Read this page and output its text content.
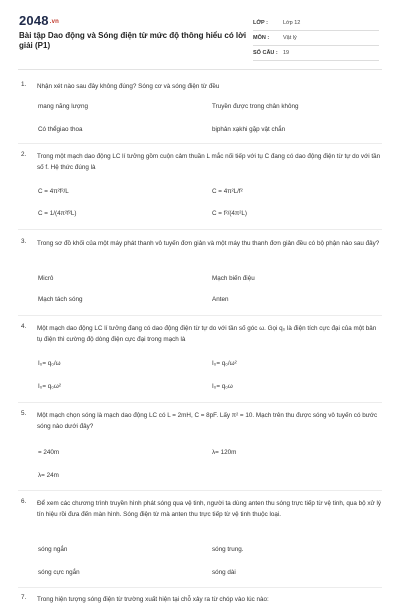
2048.vn
Bài tập Dao động và Sóng điện từ mức độ thông hiểu có lời giải (P1)
LỚP :	Lớp 12
MÔN :	Vật lý
SỐ CÂU : 19
1. Nhận xét nào sau đây không đúng? Sóng cơ và sóng điện từ đều
mang năng lượng	Truyền được trong chân không
Có thểgiao thoa	bịphản xạkhi gặp vật chắn
2. Trong một mạch dao động LC lí tưởng gồm cuộn cảm thuần L mắc nối tiếp với tụ C đang có dao động điện từ tự do với tần số f. Hệ thức đúng là
C = 4π²f²/L	C = 4π²L/f²
C = 1/(4π²f²L)	C = f²/(4π²L)
3. Trong sơ đồ khối của một máy phát thanh vô tuyến đơn giản và một máy thu thanh đơn giản đều có bộ phận nào sau đây?
Micrô	Mạch biến điệu
Mạch tách sóng	Anten
4. Một mạch dao động LC lí tưởng đang có dao động điện từ tự do với tần số góc ω. Gọi q₀ là điện tích cực đại của một bản tụ điện thì cường độ dòng điện cực đại trong mạch là
I₀= q₀/ω	I₀= q₀/ω²
I₀= q₀ω²	I₀= q₀ω
5. Một mạch chọn sóng là mạch dao động LC có L = 2mH, C = 8pF. Lấy π² = 10. Mạch trên thu được sóng vô tuyến có bước sóng nào dưới đây?
= 240m	λ= 120m
λ= 24m
6. Để xem các chương trình truyền hình phát sóng qua vệ tinh, người ta dùng anten thu sóng trực tiếp từ vệ tinh, qua bộ xử lý tín hiệu rồi đưa đến màn hình. Sóng điện từ mà anten thu trực tiếp từ vệ tinh thuộc loại.
sóng ngắn	sóng trung.
sóng cực ngắn	sóng dài
7. Trong hiện tượng sóng điện từ trường xuất hiện tại chỗ xảy ra từ chóp vào lúc nào:
